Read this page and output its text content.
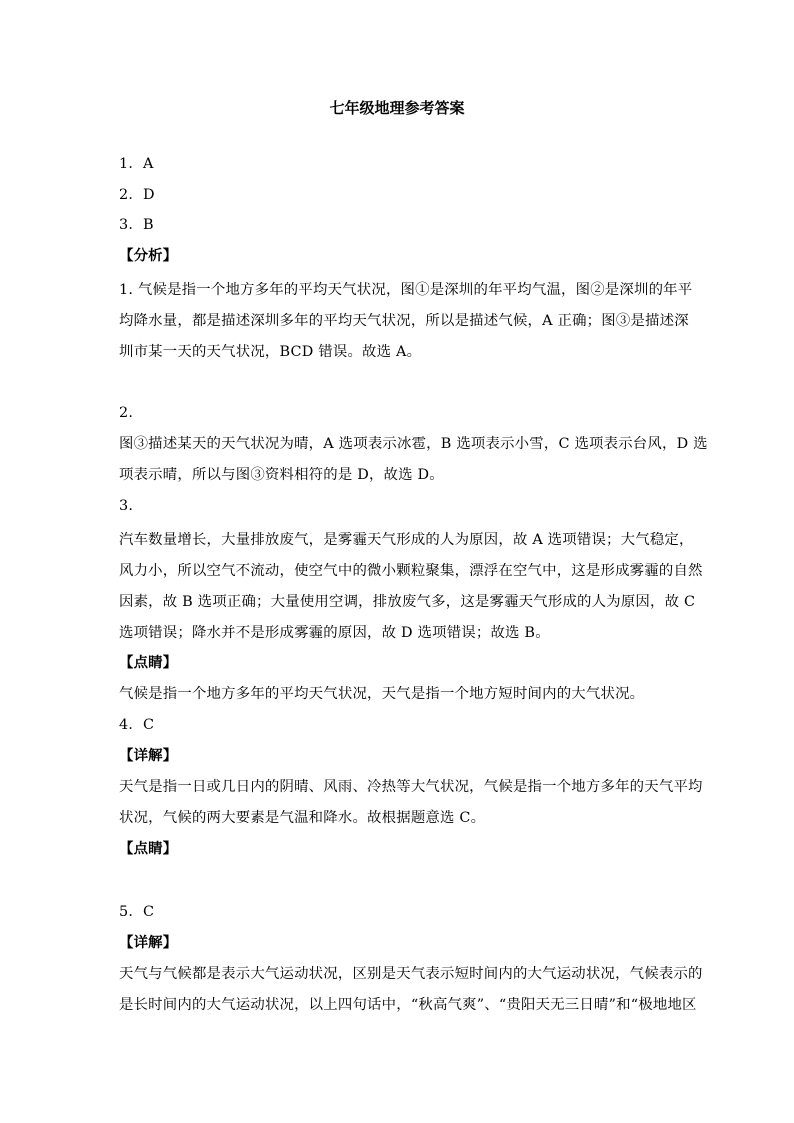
七年级地理参考答案
1．A
2．D
3．B
【分析】
1. 气候是指一个地方多年的平均天气状况，图①是深圳的年平均气温，图②是深圳的年平
均降水量，都是描述深圳多年的平均天气状况，所以是描述气候，A 正确；图③是描述深
圳市某一天的天气状况，BCD 错误。故选 A。
2.
图③描述某天的天气状况为晴，A 选项表示冰雹，B 选项表示小雪，C 选项表示台风，D 选
项表示晴，所以与图③资料相符的是 D，故选 D。
3.
汽车数量增长，大量排放废气，是雾霾天气形成的人为原因，故 A 选项错误；大气稳定，
风力小，所以空气不流动，使空气中的微小颗粒聚集，漂浮在空气中，这是形成雾霾的自然
因素，故 B 选项正确；大量使用空调，排放废气多，这是雾霾天气形成的人为原因，故 C
选项错误；降水并不是形成雾霾的原因，故 D 选项错误；故选 B。
【点睛】
气候是指一个地方多年的平均天气状况，天气是指一个地方短时间内的大气状况。
4．C
【详解】
天气是指一日或几日内的阴晴、风雨、冷热等大气状况，气候是指一个地方多年的天气平均
状况，气候的两大要素是气温和降水。故根据题意选 C。
【点睛】
5．C
【详解】
天气与气候都是表示大气运动状况，区别是天气表示短时间内的大气运动状况，气候表示的
是长时间内的大气运动状况，以上四句话中，“秋高气爽”、“贵阳天无三日晴”和“极地地区
